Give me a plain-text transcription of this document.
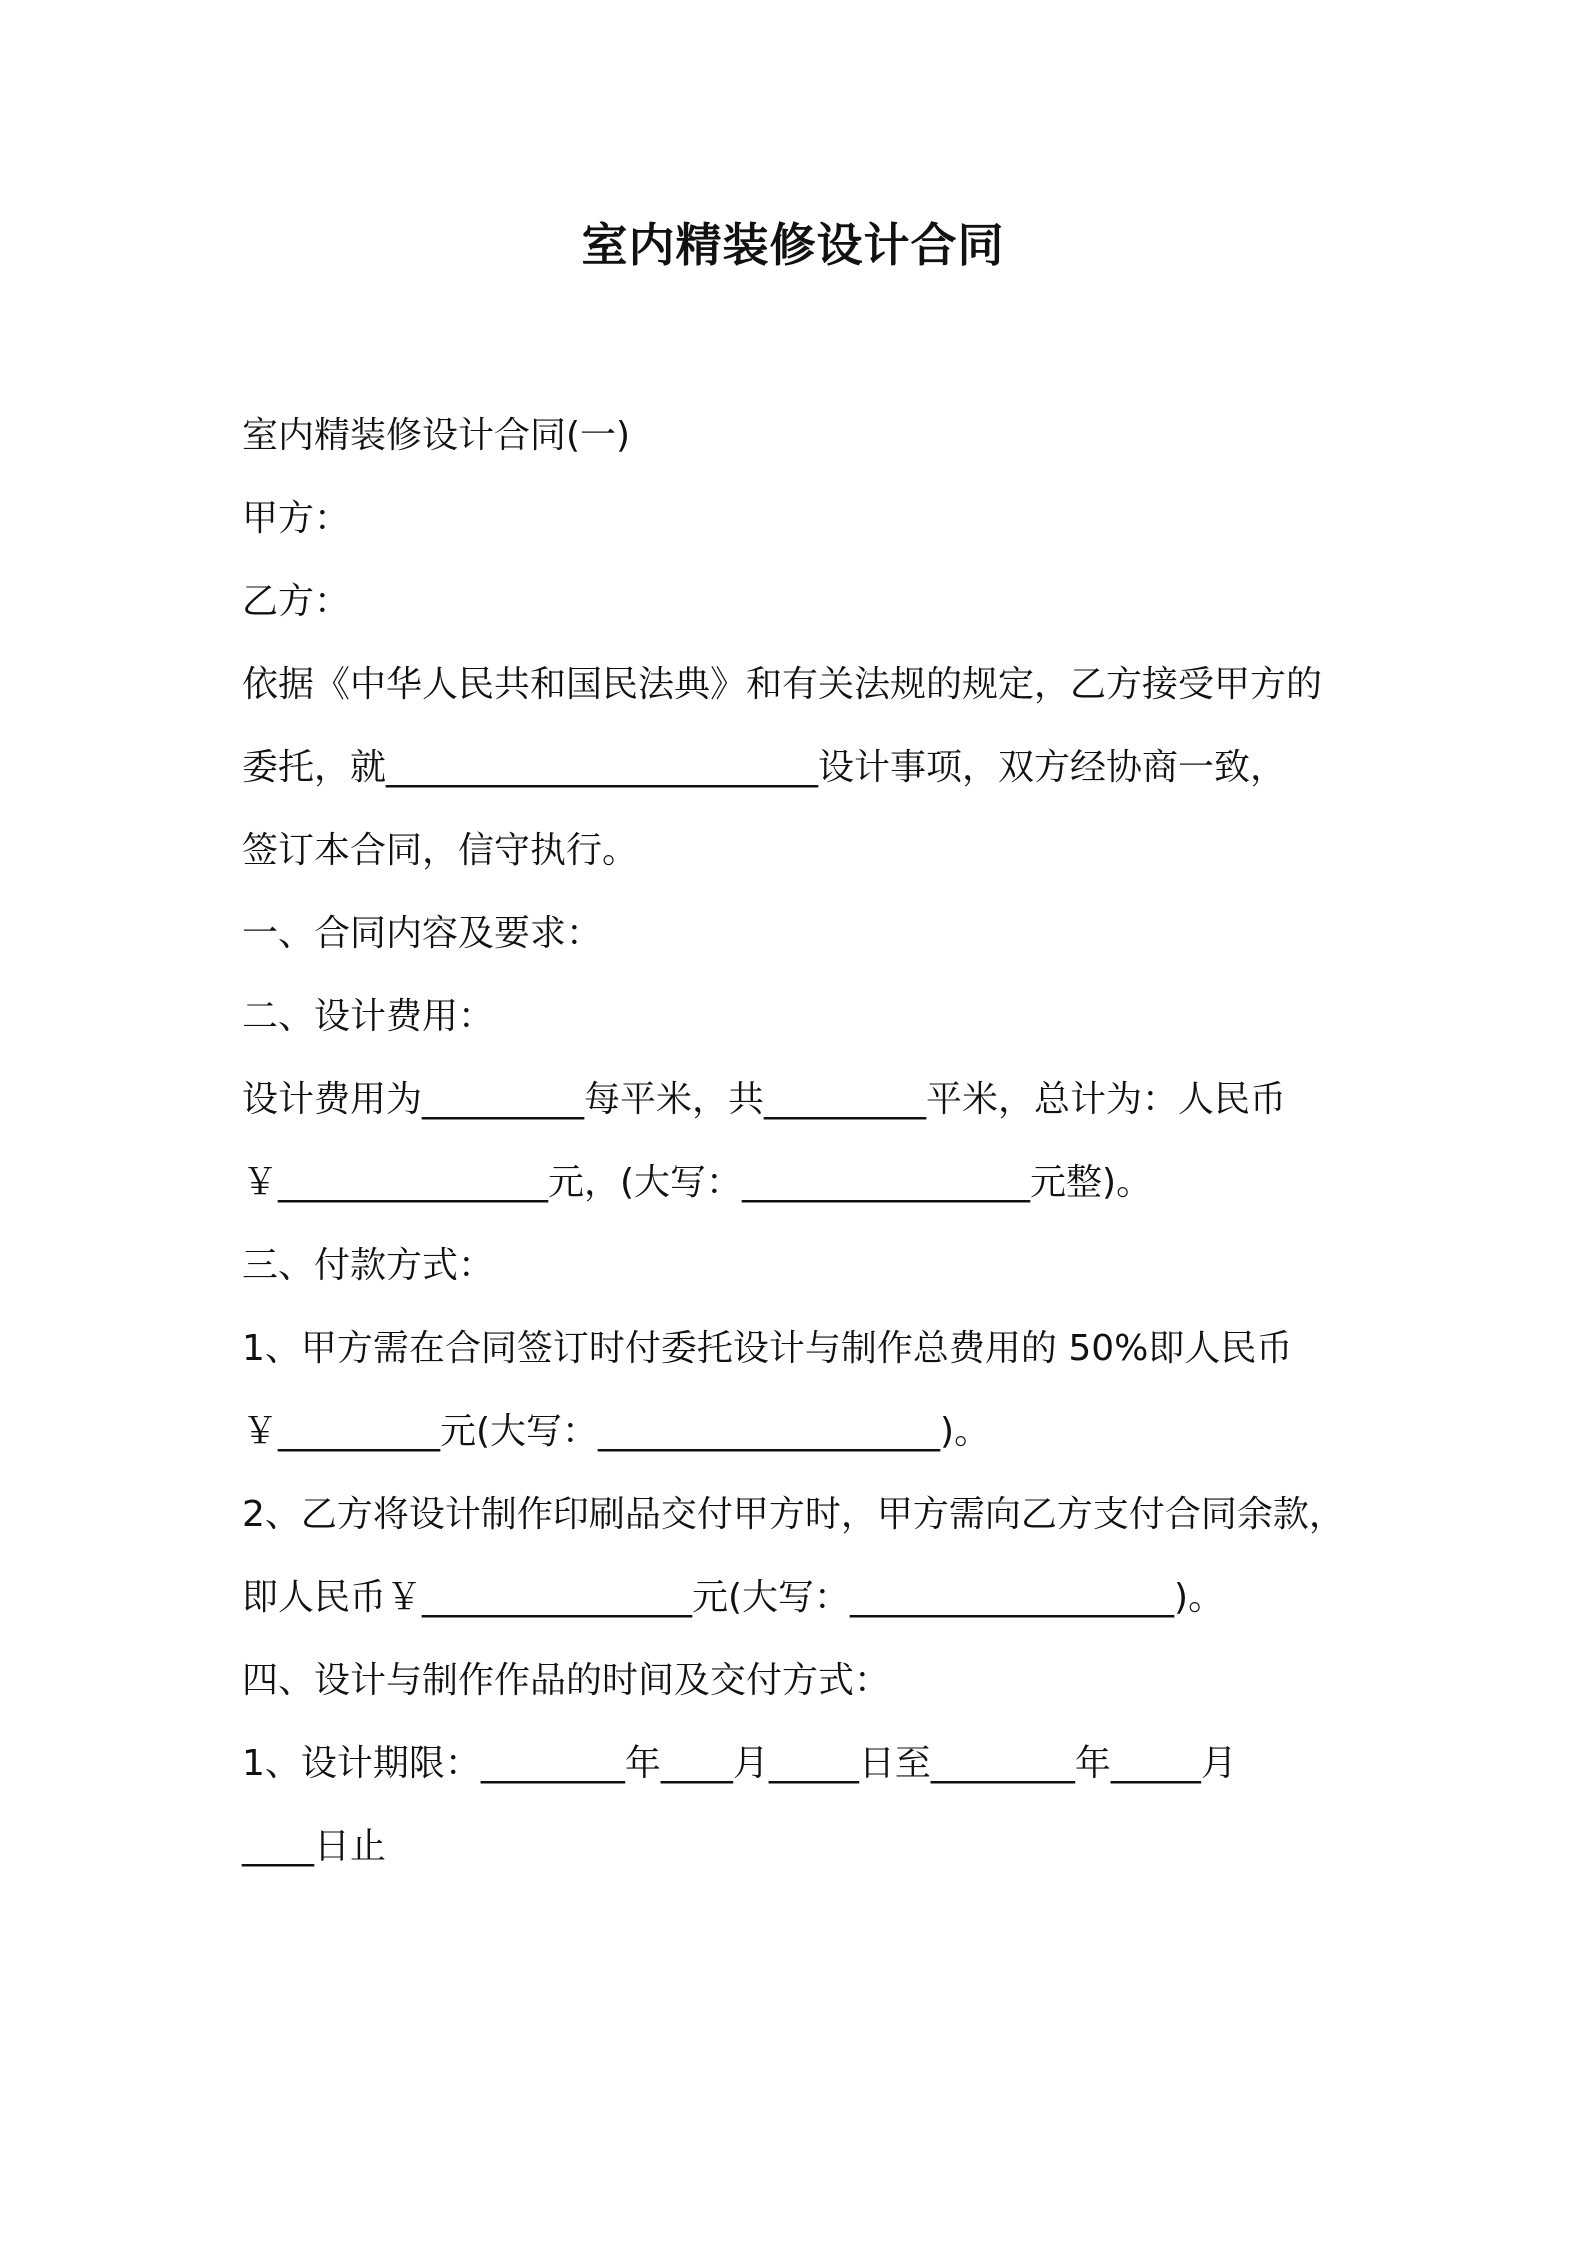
室内精装修设计合同
室内精装修设计合同(一)
甲方：
乙方：
依据《中华人民共和国民法典》和有关法规的规定，乙方接受甲方的
委托，就________________________设计事项，双方经协商一致，
签订本合同，信守执行。
一、合同内容及要求：
二、设计费用：
设计费用为_________每平米，共_________平米，总计为：人民币
￥_______________元，(大写：________________元整)。
三、付款方式：
1、甲方需在合同签订时付委托设计与制作总费用的 50%即人民币
￥_________元(大写：___________________)。
2、乙方将设计制作印刷品交付甲方时，甲方需向乙方支付合同余款，
即人民币￥_______________元(大写：__________________)。
四、设计与制作作品的时间及交付方式：
1、设计期限：________年____月_____日至________年_____月
____日止
